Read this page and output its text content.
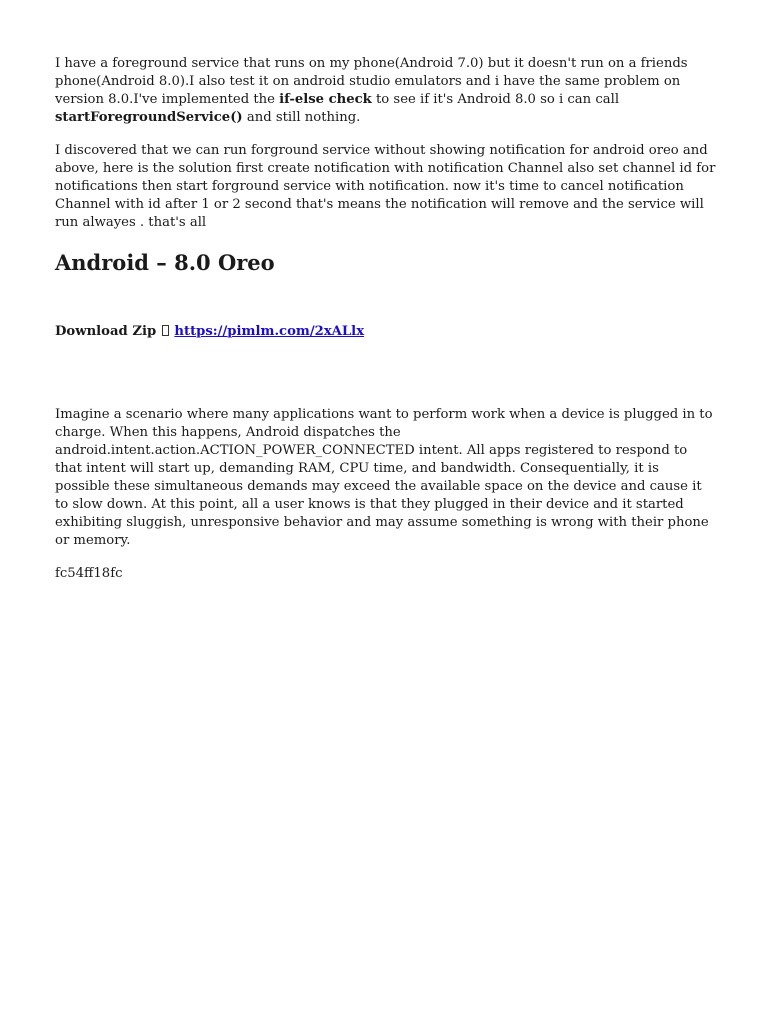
I have a foreground service that runs on my phone(Android 7.0) but it doesn't run on a friends phone(Android 8.0).I also test it on android studio emulators and i have the same problem on version 8.0.I've implemented the if-else check to see if it's Android 8.0 so i can call startForegroundService() and still nothing.

I discovered that we can run forground service without showing notification for android oreo and above, here is the solution first create notification with notification Channel also set channel id for notifications then start forground service with notification. now it's time to cancel notification Channel with id after 1 or 2 second that's means the notification will remove and the service will run alwayes . that's all

Android – 8.0 Oreo
Download Zip https://pimlm.com/2xALlx

Imagine a scenario where many applications want to perform work when a device is plugged in to charge. When this happens, Android dispatches the android.intent.action.ACTION_POWER_CONNECTED intent. All apps registered to respond to that intent will start up, demanding RAM, CPU time, and bandwidth. Consequentially, it is possible these simultaneous demands may exceed the available space on the device and cause it to slow down. At this point, all a user knows is that they plugged in their device and it started exhibiting sluggish, unresponsive behavior and may assume something is wrong with their phone or memory.

fc54ff18fc
